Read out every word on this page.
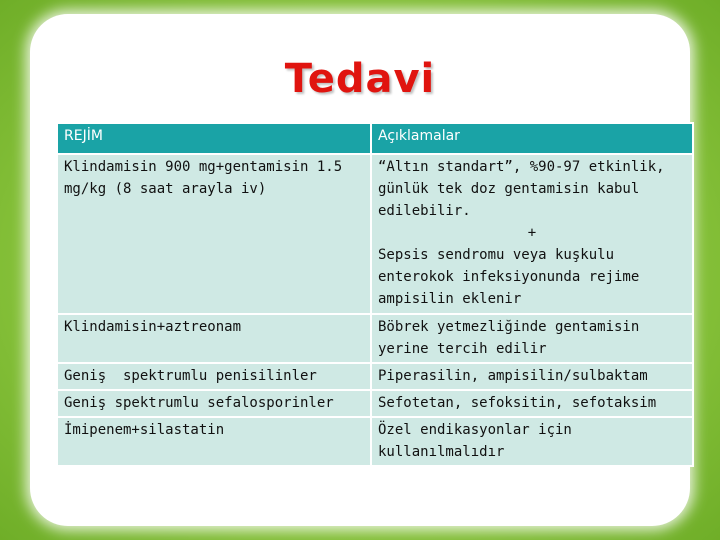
Tedavi
REJİM	Açıklamalar
Klindamisin 900 mg+gentamisin 1.5 mg/kg (8 saat arayla iv)	“Altın standart”, %90-97 etkinlik, günlük tek doz gentamisin kabul edilebilir.
+
Sepsis sendromu veya kuşkulu enterokok infeksiyonunda rejime ampisilin eklenir
Klindamisin+aztreonam	Böbrek yetmezliğinde gentamisin yerine tercih edilir
Geniş  spektrumlu penisilinler	Piperasilin, ampisilin/sulbaktam
Geniş spektrumlu sefalosporinler	Sefotetan, sefoksitin, sefotaksim
İmipenem+silastatin	Özel endikasyonlar için kullanılmalıdır
